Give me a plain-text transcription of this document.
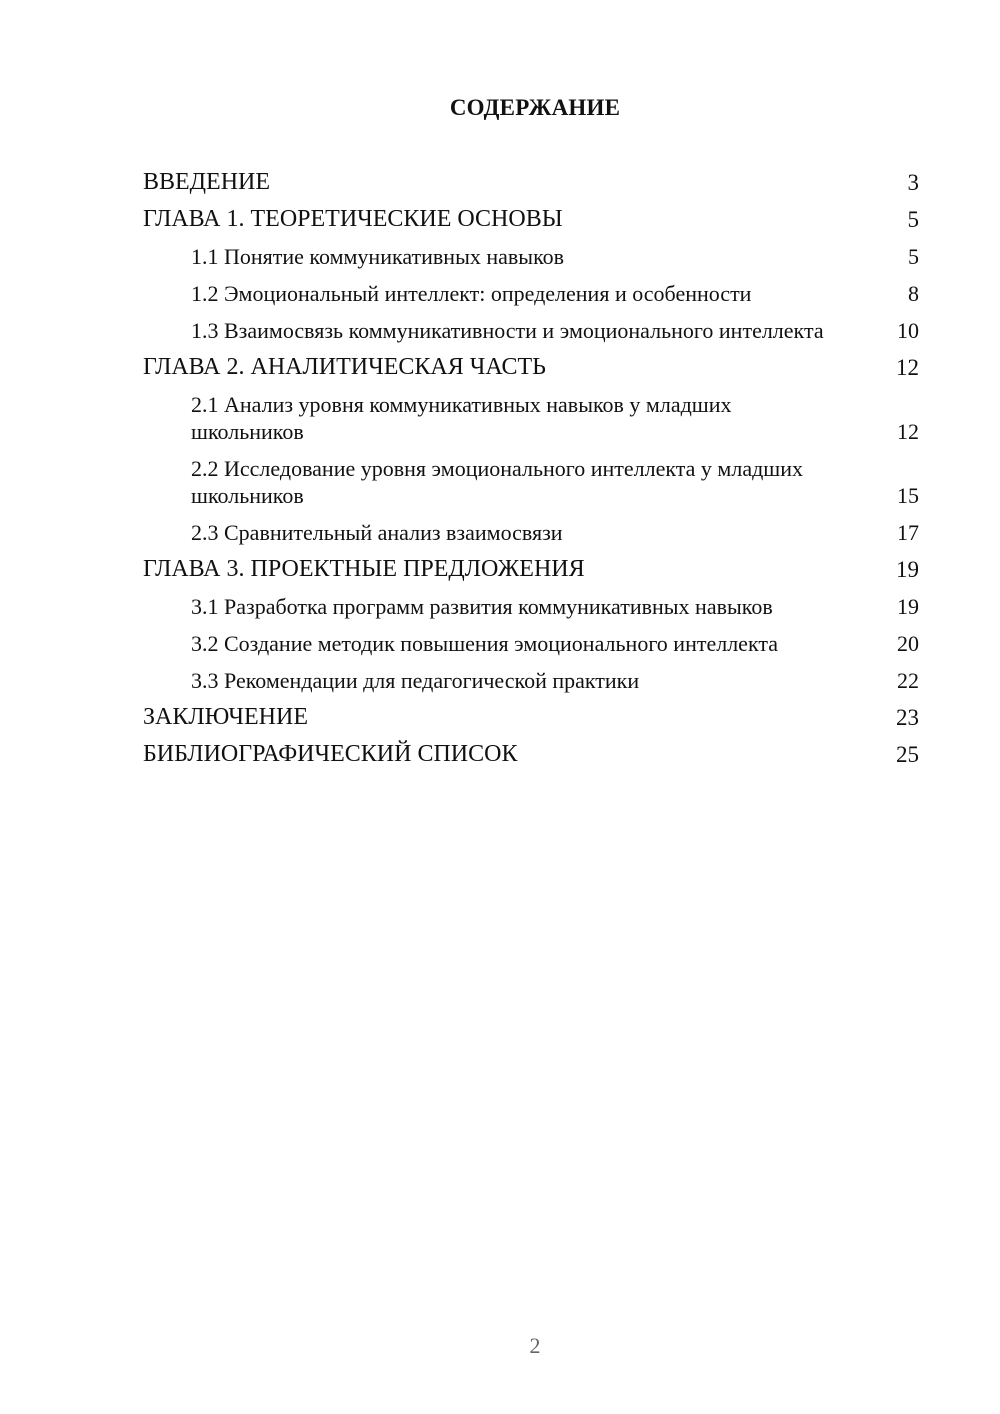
СОДЕРЖАНИЕ
ВВЕДЕНИЕ	3
ГЛАВА 1. ТЕОРЕТИЧЕСКИЕ ОСНОВЫ	5
1.1 Понятие коммуникативных навыков	5
1.2 Эмоциональный интеллект: определения и особенности	8
1.3 Взаимосвязь коммуникативности и эмоционального интеллекта	10
ГЛАВА 2. АНАЛИТИЧЕСКАЯ ЧАСТЬ	12
2.1 Анализ уровня коммуникативных навыков у младших школьников	12
2.2 Исследование уровня эмоционального интеллекта у младших школьников	15
2.3 Сравнительный анализ взаимосвязи	17
ГЛАВА 3. ПРОЕКТНЫЕ ПРЕДЛОЖЕНИЯ	19
3.1 Разработка программ развития коммуникативных навыков	19
3.2 Создание методик повышения эмоционального интеллекта	20
3.3 Рекомендации для педагогической практики	22
ЗАКЛЮЧЕНИЕ	23
БИБЛИОГРАФИЧЕСКИЙ СПИСОК	25
2
